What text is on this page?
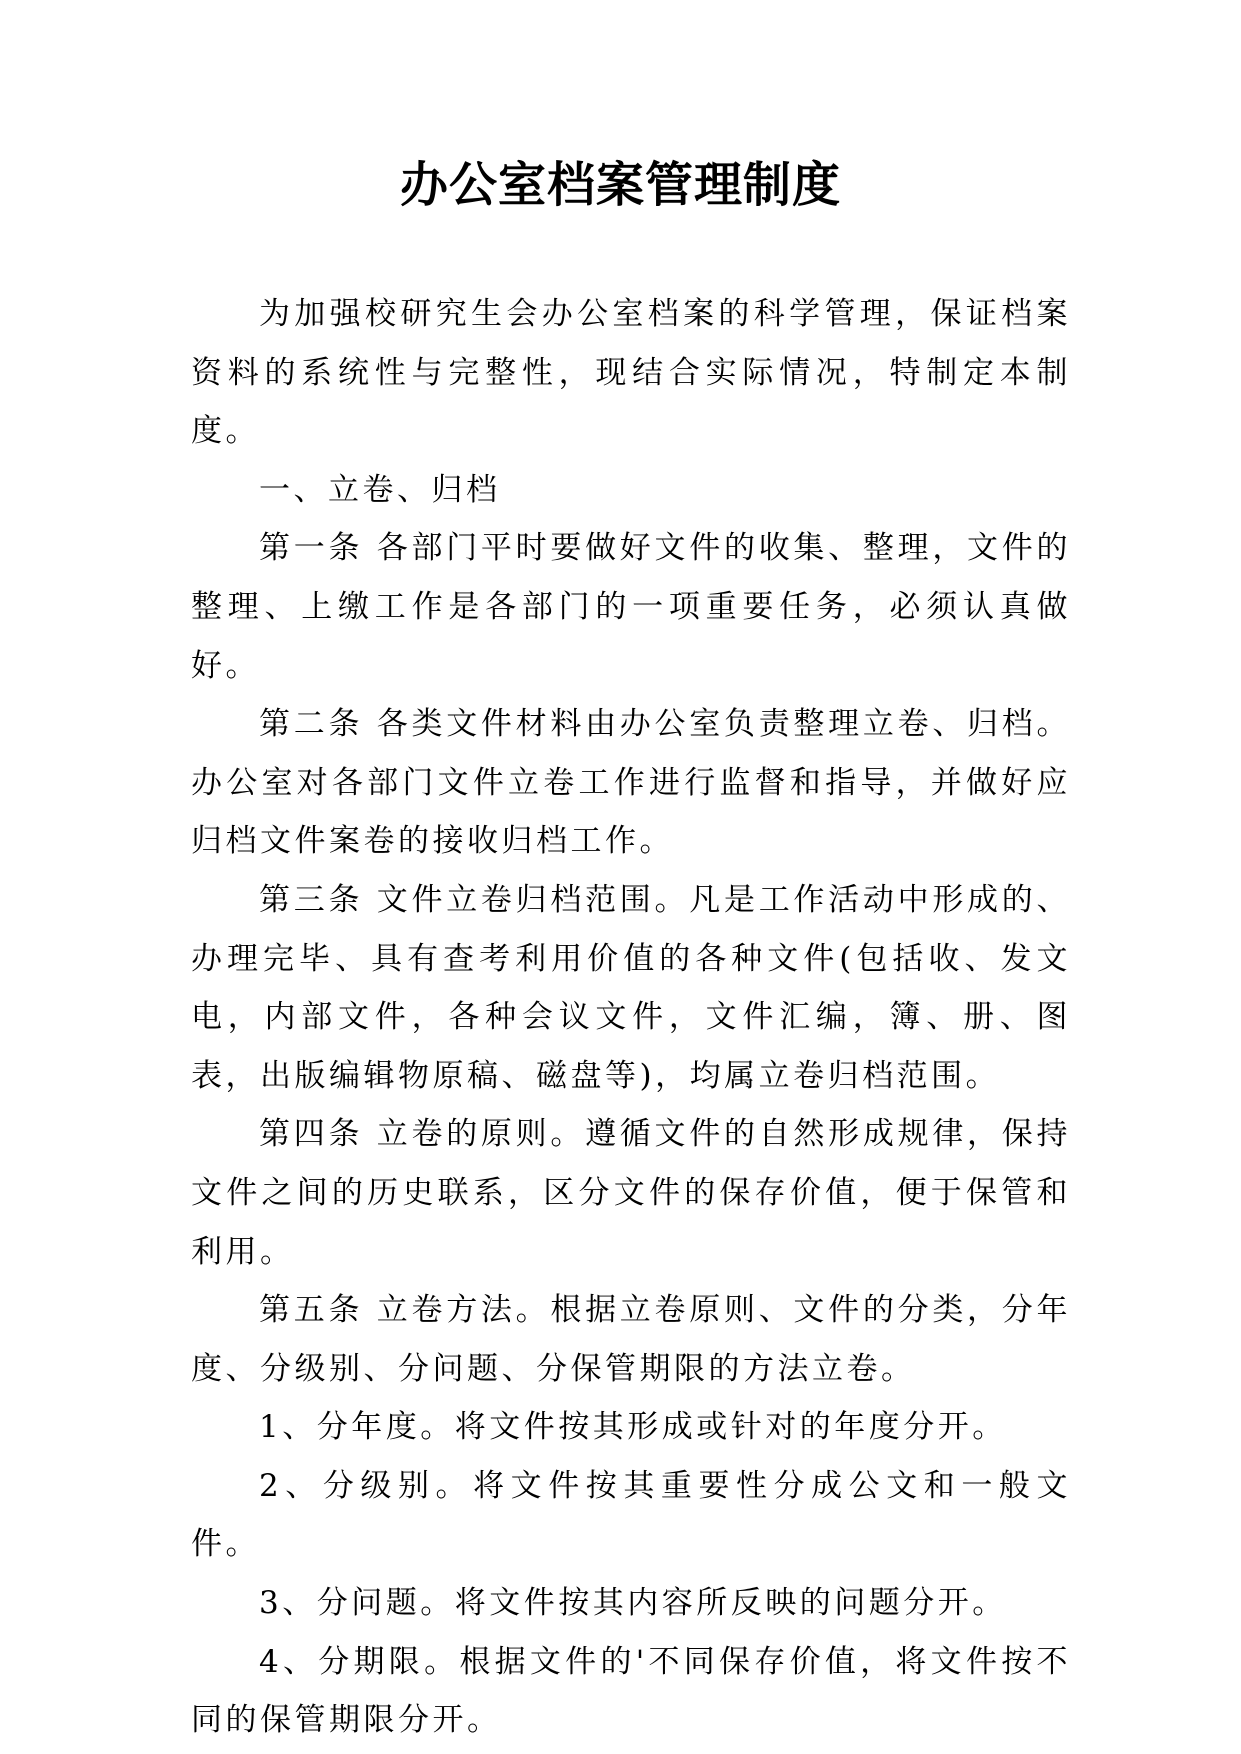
办公室档案管理制度

为加强校研究生会办公室档案的科学管理，保证档案资料的系统性与完整性，现结合实际情况，特制定本制度。

一、立卷、归档

第一条 各部门平时要做好文件的收集、整理，文件的整理、上缴工作是各部门的一项重要任务，必须认真做好。

第二条 各类文件材料由办公室负责整理立卷、归档。办公室对各部门文件立卷工作进行监督和指导，并做好应归档文件案卷的接收归档工作。

第三条 文件立卷归档范围。凡是工作活动中形成的、办理完毕、具有查考利用价值的各种文件(包括收、发文电，内部文件，各种会议文件，文件汇编，簿、册、图表，出版编辑物原稿、磁盘等)，均属立卷归档范围。

第四条 立卷的原则。遵循文件的自然形成规律，保持文件之间的历史联系，区分文件的保存价值，便于保管和利用。

第五条 立卷方法。根据立卷原则、文件的分类，分年度、分级别、分问题、分保管期限的方法立卷。

1、分年度。将文件按其形成或针对的年度分开。

2、分级别。将文件按其重要性分成公文和一般文件。

3、分问题。将文件按其内容所反映的问题分开。

4、分期限。根据文件的'不同保存价值，将文件按不同的保管期限分开。
